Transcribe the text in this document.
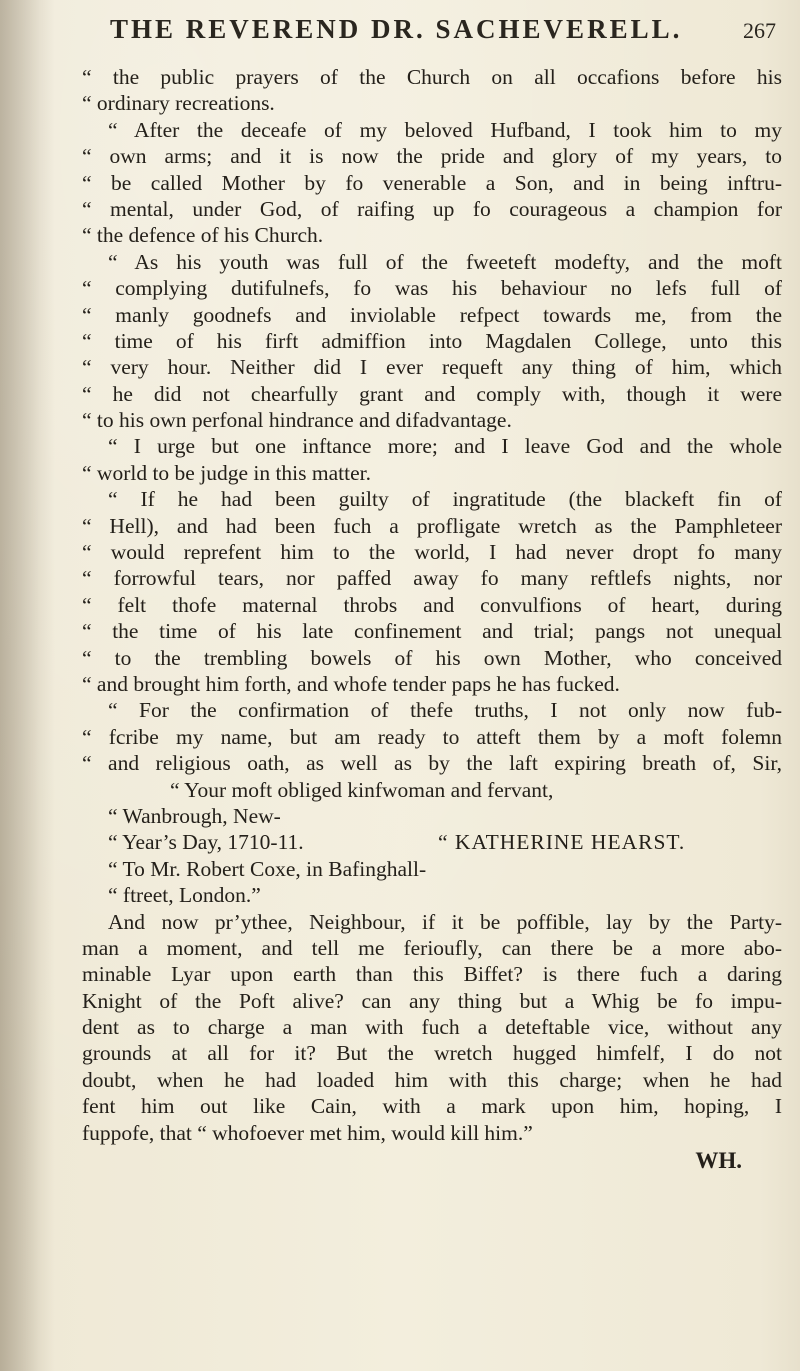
THE REVEREND DR. SACHEVERELL.	267
“ the public prayers of the Church on all occafions before his
“ ordinary recreations.
“ After the deceafe of my beloved Hufband, I took him to my
“ own arms; and it is now the pride and glory of my years, to
“ be called Mother by fo venerable a Son, and in being inftru-
“ mental, under God, of raifing up fo courageous a champion for
“ the defence of his Church.
“ As his youth was full of the fweeteft modefty, and the moft
“ complying dutifulnefs, fo was his behaviour no lefs full of
“ manly goodnefs and inviolable refpect towards me, from the
“ time of his firft admiffion into Magdalen College, unto this
“ very hour. Neither did I ever requeft any thing of him, which
“ he did not chearfully grant and comply with, though it were
“ to his own perfonal hindrance and difadvantage.
“ I urge but one inftance more; and I leave God and the whole
“ world to be judge in this matter.
“ If he had been guilty of ingratitude (the blackeft fin of
“ Hell), and had been fuch a profligate wretch as the Pamphleteer
“ would reprefent him to the world, I had never dropt fo many
“ forrowful tears, nor paffed away fo many reftlefs nights, nor
“ felt thofe maternal throbs and convulfions of heart, during
“ the time of his late confinement and trial; pangs not unequal
“ to the trembling bowels of his own Mother, who conceived
“ and brought him forth, and whofe tender paps he has fucked.
“ For the confirmation of thefe truths, I not only now fub-
“ fcribe my name, but am ready to atteft them by a moft folemn
“ and religious oath, as well as by the laft expiring breath of, Sir,
“ Your moft obliged kinfwoman and fervant,
“ Wanbrough, New-
“ Year’s Day, 1710-11.	“ KATHERINE HEARST.
“ To Mr. Robert Coxe, in Bafinghall-
“ ftreet, London.”
And now pr’ythee, Neighbour, if it be poffible, lay by the Party-
man a moment, and tell me ferioufly, can there be a more abo-
minable Lyar upon earth than this Biffet? is there fuch a daring
Knight of the Poft alive? can any thing but a Whig be fo impu-
dent as to charge a man with fuch a deteftable vice, without any
grounds at all for it? But the wretch hugged himfelf, I do not
doubt, when he had loaded him with this charge; when he had
fent him out like Cain, with a mark upon him, hoping, I
fuppofe, that “ whofoever met him, would kill him.”
WH.
